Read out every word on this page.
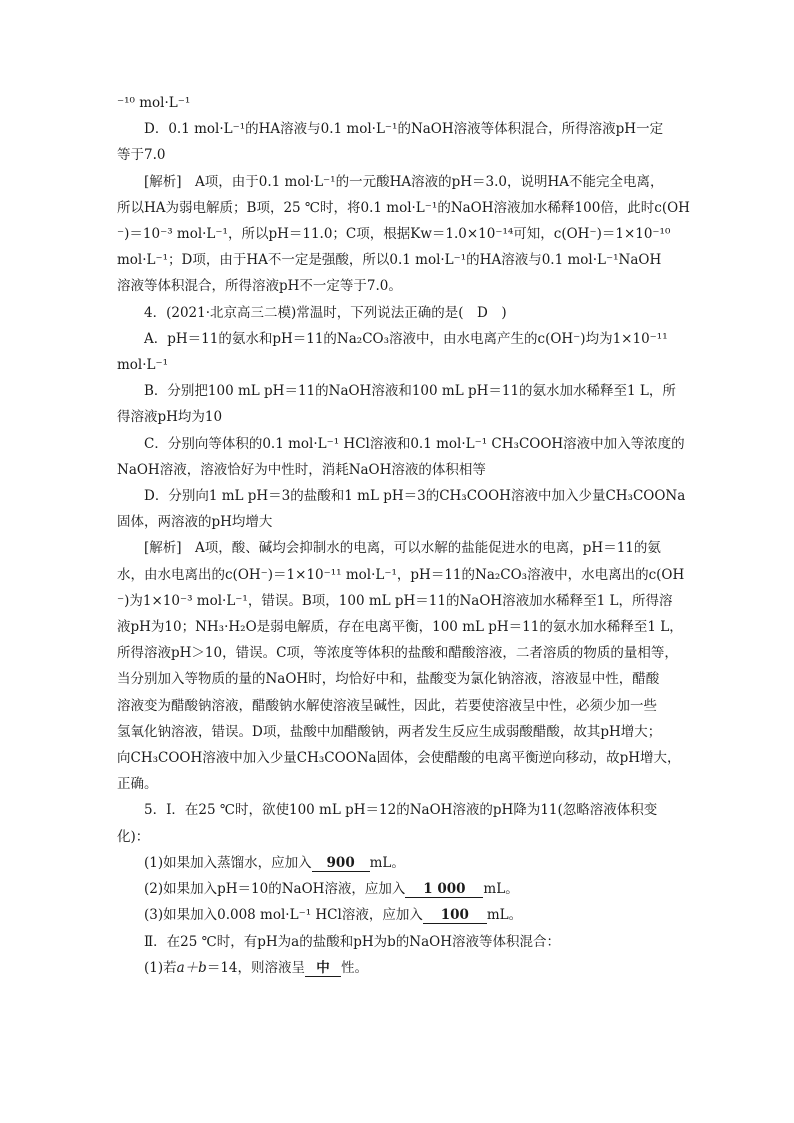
⁻¹⁰ mol·L⁻¹

D．0.1 mol·L⁻¹的HA溶液与0.1 mol·L⁻¹的NaOH溶液等体积混合，所得溶液pH一定

等于7.0

[解析]　A项，由于0.1 mol·L⁻¹的一元酸HA溶液的pH＝3.0，说明HA不能完全电离，

所以HA为弱电解质；B项，25 ℃时，将0.1 mol·L⁻¹的NaOH溶液加水稀释100倍，此时c(OH

⁻)＝10⁻³ mol·L⁻¹，所以pH＝11.0；C项，根据Kw＝1.0×10⁻¹⁴可知，c(OH⁻)＝1×10⁻¹⁰

mol·L⁻¹；D项，由于HA不一定是强酸，所以0.1 mol·L⁻¹的HA溶液与0.1 mol·L⁻¹NaOH

溶液等体积混合，所得溶液pH不一定等于7.0。

4．(2021·北京高三二模)常温时，下列说法正确的是(　D　)

A．pH＝11的氨水和pH＝11的Na₂CO₃溶液中，由水电离产生的c(OH⁻)均为1×10⁻¹¹

mol·L⁻¹

B．分别把100 mL pH＝11的NaOH溶液和100 mL pH＝11的氨水加水稀释至1 L，所

得溶液pH均为10

C．分别向等体积的0.1 mol·L⁻¹ HCl溶液和0.1 mol·L⁻¹ CH₃COOH溶液中加入等浓度的

NaOH溶液，溶液恰好为中性时，消耗NaOH溶液的体积相等

D．分别向1 mL pH＝3的盐酸和1 mL pH＝3的CH₃COOH溶液中加入少量CH₃COONa

固体，两溶液的pH均增大

[解析]　A项，酸、碱均会抑制水的电离，可以水解的盐能促进水的电离，pH＝11的氨

水，由水电离出的c(OH⁻)＝1×10⁻¹¹ mol·L⁻¹，pH＝11的Na₂CO₃溶液中，水电离出的c(OH

⁻)为1×10⁻³ mol·L⁻¹，错误。B项，100 mL pH＝11的NaOH溶液加水稀释至1 L，所得溶

液pH为10；NH₃·H₂O是弱电解质，存在电离平衡，100 mL pH＝11的氨水加水稀释至1 L，

所得溶液pH＞10，错误。C项，等浓度等体积的盐酸和醋酸溶液，二者溶质的物质的量相等，

当分别加入等物质的量的NaOH时，均恰好中和，盐酸变为氯化钠溶液，溶液显中性，醋酸

溶液变为醋酸钠溶液，醋酸钠水解使溶液呈碱性，因此，若要使溶液呈中性，必须少加一些

氢氧化钠溶液，错误。D项，盐酸中加醋酸钠，两者发生反应生成弱酸醋酸，故其pH增大；

向CH₃COOH溶液中加入少量CH₃COONa固体，会使醋酸的电离平衡逆向移动，故pH增大，

正确。

5．Ⅰ．在25 ℃时，欲使100 mL pH＝12的NaOH溶液的pH降为11(忽略溶液体积变

化)：

(1)如果加入蒸馏水，应加入 900 mL。

(2)如果加入pH＝10的NaOH溶液，应加入 1 000 mL。

(3)如果加入0.008 mol·L⁻¹ HCl溶液，应加入 100 mL。

Ⅱ．在25 ℃时，有pH为a的盐酸和pH为b的NaOH溶液等体积混合：

(1)若a＋b＝14，则溶液呈 中 性。
